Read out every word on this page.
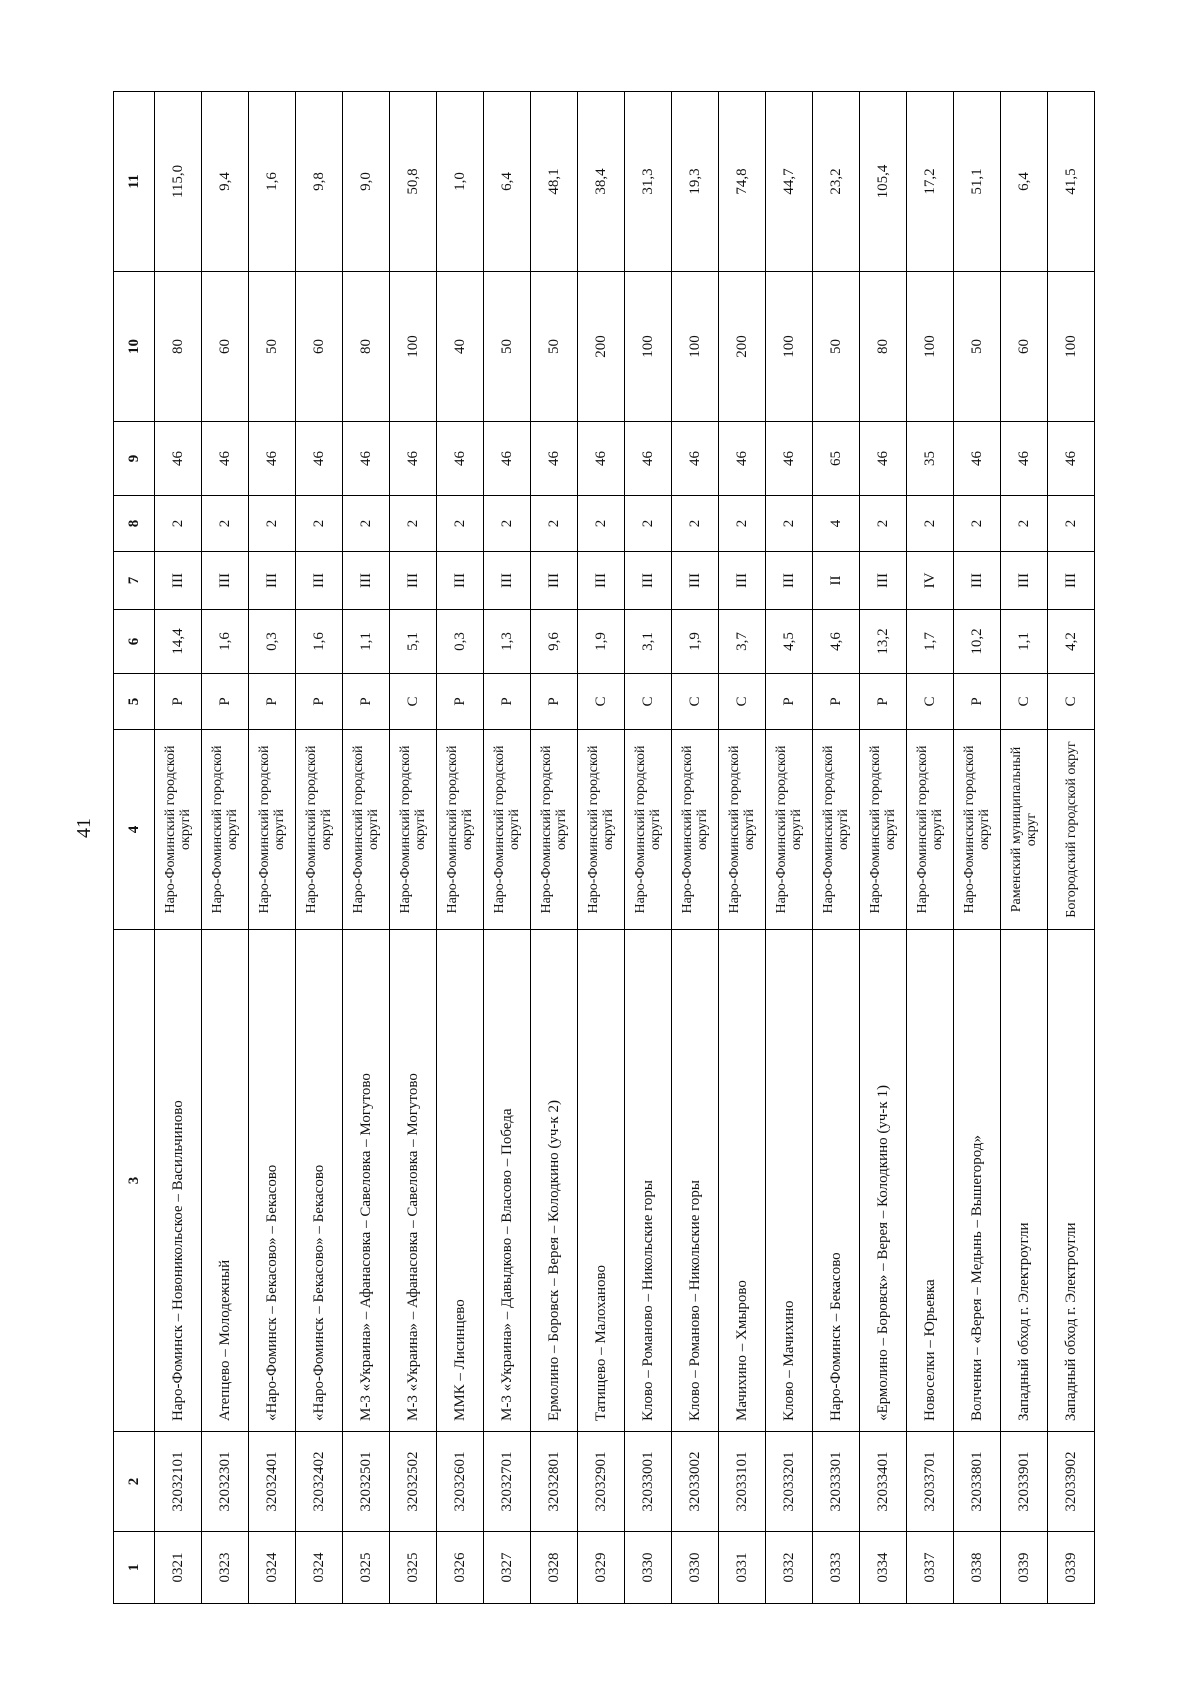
41
1	2	3	4	5	6	7	8	9	10	11
0321	32032101	Наро-Фоминск – Новоникольское – Васильчиново	Наро-Фоминский городской округй	Р	14,4	III	2	46	80	115,0
0323	32032301	Атепцево – Молодежный	Наро-Фоминский городской округй	Р	1,6	III	2	46	60	9,4
0324	32032401	«Наро-Фоминск – Бекасово» – Бекасово	Наро-Фоминский городской округй	Р	0,3	III	2	46	50	1,6
0324	32032402	«Наро-Фоминск – Бекасово» – Бекасово	Наро-Фоминский городской округй	Р	1,6	III	2	46	60	9,8
0325	32032501	М-3 «Украина» – Афанасовка – Савеловка – Могутово	Наро-Фоминский городской округй	Р	1,1	III	2	46	80	9,0
0325	32032502	М-3 «Украина» – Афанасовка – Савеловка – Могутово	Наро-Фоминский городской округй	С	5,1	III	2	46	100	50,8
0326	32032601	ММК – Лисинцево	Наро-Фоминский городской округй	Р	0,3	III	2	46	40	1,0
0327	32032701	М-3 «Украина» – Давыдково – Власово – Победа	Наро-Фоминский городской округй	Р	1,3	III	2	46	50	6,4
0328	32032801	Ермолино – Боровск – Верея – Колодкино (уч-к 2)	Наро-Фоминский городской округй	Р	9,6	III	2	46	50	48,1
0329	32032901	Татищево – Малоханово	Наро-Фоминский городской округй	С	1,9	III	2	46	200	38,4
0330	32033001	Клово – Романово – Никольские горы	Наро-Фоминский городской округй	С	3,1	III	2	46	100	31,3
0330	32033002	Клово – Романово – Никольские горы	Наро-Фоминский городской округй	С	1,9	III	2	46	100	19,3
0331	32033101	Мачихино – Хмырово	Наро-Фоминский городской округй	С	3,7	III	2	46	200	74,8
0332	32033201	Клово – Мачихино	Наро-Фоминский городской округй	Р	4,5	III	2	46	100	44,7
0333	32033301	Наро-Фоминск – Бекасово	Наро-Фоминский городской округй	Р	4,6	II	4	65	50	23,2
0334	32033401	«Ермолино – Боровск» – Верея – Колодкино (уч-к 1)	Наро-Фоминский городской округй	Р	13,2	III	2	46	80	105,4
0337	32033701	Новоселки – Юрьевка	Наро-Фоминский городской округй	С	1,7	IV	2	35	100	17,2
0338	32033801	Волченки – «Верея – Медынь – Вышегород»	Наро-Фоминский городской округй	Р	10,2	III	2	46	50	51,1
0339	32033901	Западный обход г. Электроугли	Раменский муниципальный округ	С	1,1	III	2	46	60	6,4
0339	32033902	Западный обход г. Электроугли	Богородский городской округ	С	4,2	III	2	46	100	41,5
